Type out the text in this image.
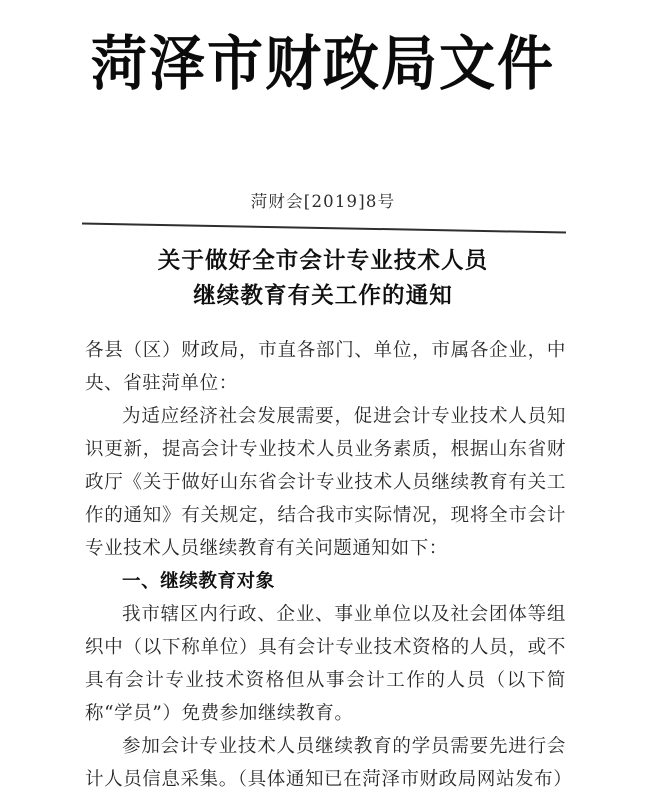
菏泽市财政局文件
菏财会[2019]8号
关于做好全市会计专业技术人员
继续教育有关工作的通知

各县（区）财政局，市直各部门、单位，市属各企业，中央、省驻菏单位：

为适应经济社会发展需要，促进会计专业技术人员知识更新，提高会计专业技术人员业务素质，根据山东省财政厅《关于做好山东省会计专业技术人员继续教育有关工作的通知》有关规定，结合我市实际情况，现将全市会计专业技术人员继续教育有关问题通知如下：

一、继续教育对象

我市辖区内行政、企业、事业单位以及社会团体等组织中（以下称单位）具有会计专业技术资格的人员，或不具有会计专业技术资格但从事会计工作的人员（以下简称“学员”）免费参加继续教育。

参加会计专业技术人员继续教育的学员需要先进行会计人员信息采集。（具体通知已在菏泽市财政局网站发布）
